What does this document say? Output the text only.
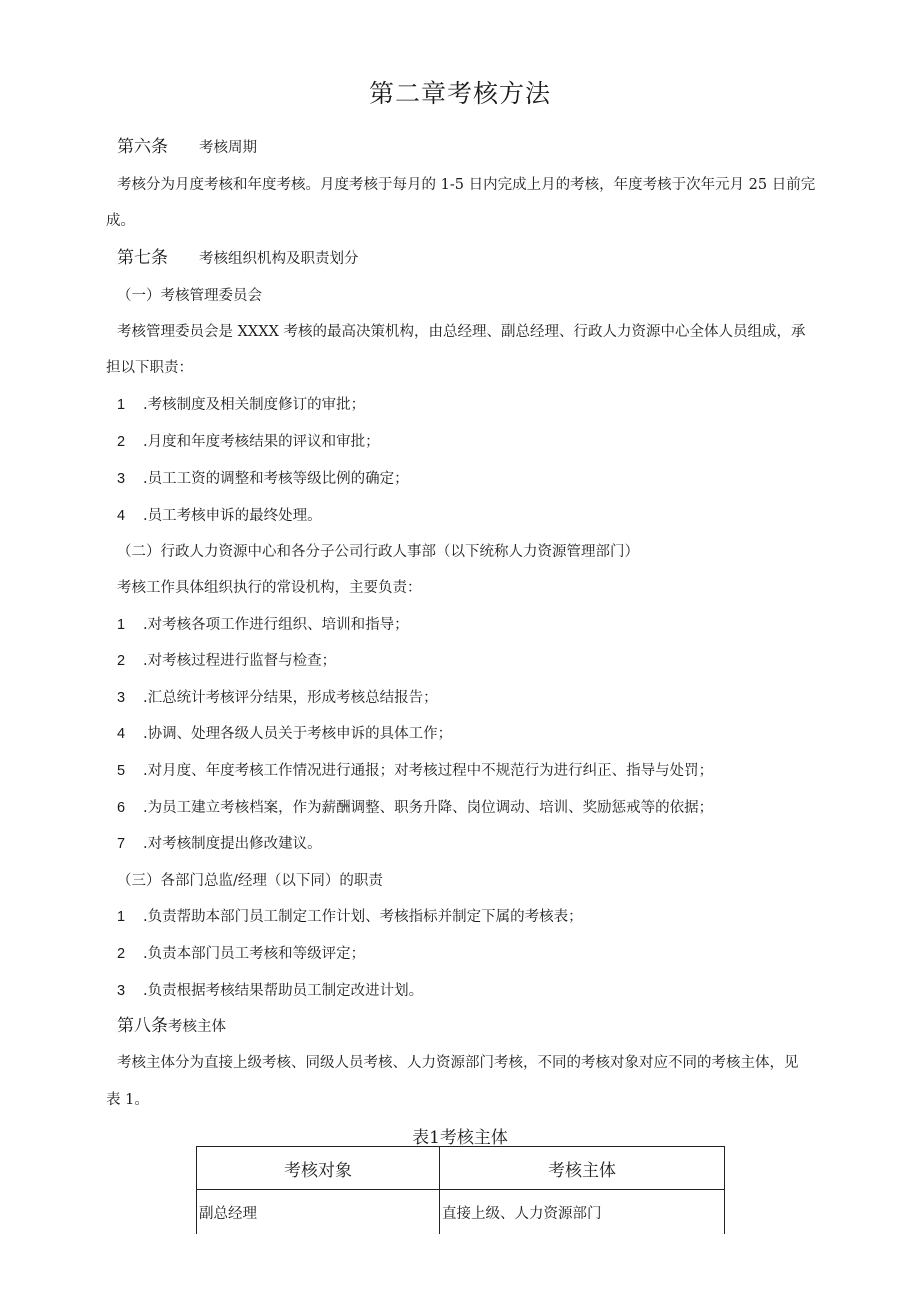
第二章考核方法
第六条 考核周期
考核分为月度考核和年度考核。月度考核于每月的 1-5 日内完成上月的考核，年度考核于次年元月 25 日前完
成。
第七条 考核组织机构及职责划分
（一）考核管理委员会
考核管理委员会是 XXXX 考核的最高决策机构，由总经理、副总经理、行政人力资源中心全体人员组成，承
担以下职责：
1 .考核制度及相关制度修订的审批；
2 .月度和年度考核结果的评议和审批；
3 .员工工资的调整和考核等级比例的确定；
4 .员工考核申诉的最终处理。
（二）行政人力资源中心和各分子公司行政人事部（以下统称人力资源管理部门）
考核工作具体组织执行的常设机构，主要负责：
1 .对考核各项工作进行组织、培训和指导；
2 .对考核过程进行监督与检查；
3 .汇总统计考核评分结果，形成考核总结报告；
4 .协调、处理各级人员关于考核申诉的具体工作；
5 .对月度、年度考核工作情况进行通报；对考核过程中不规范行为进行纠正、指导与处罚；
6 .为员工建立考核档案，作为薪酬调整、职务升降、岗位调动、培训、奖励惩戒等的依据；
7 .对考核制度提出修改建议。
（三）各部门总监/经理（以下同）的职责
1 .负责帮助本部门员工制定工作计划、考核指标并制定下属的考核表；
2 .负责本部门员工考核和等级评定；
3 .负责根据考核结果帮助员工制定改进计划。
第八条考核主体
考核主体分为直接上级考核、同级人员考核、人力资源部门考核，不同的考核对象对应不同的考核主体，见
表 1。
表1考核主体
考核对象	考核主体
副总经理	直接上级、人力资源部门
